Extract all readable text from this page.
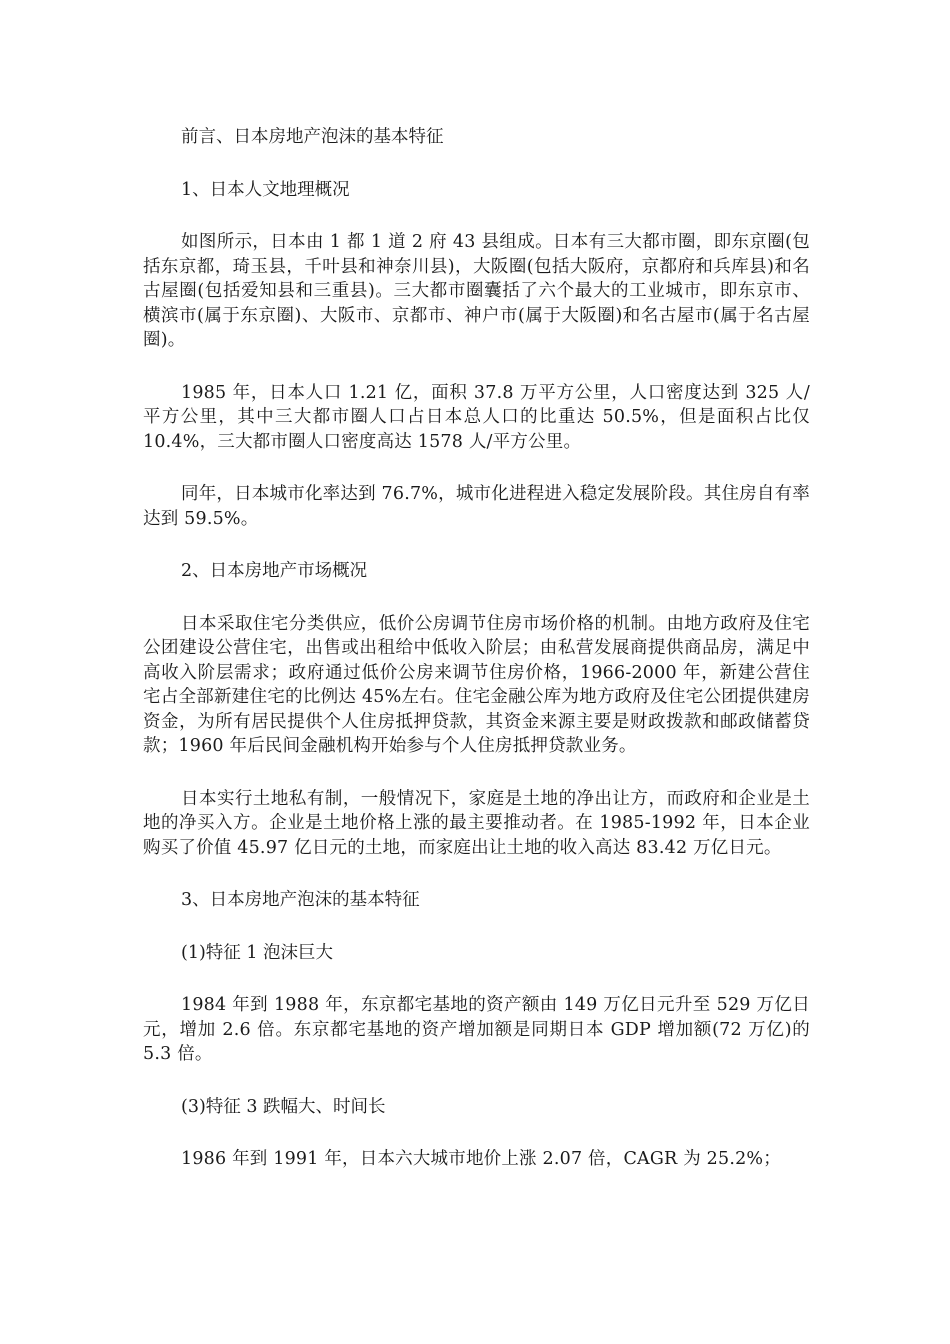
前言、日本房地产泡沫的基本特征

1、日本人文地理概况

如图所示，日本由 1 都 1 道 2 府 43 县组成。日本有三大都市圈，即东京圈(包括东京都，琦玉县，千叶县和神奈川县)，大阪圈(包括大阪府，京都府和兵库县)和名古屋圈(包括爱知县和三重县)。三大都市圈囊括了六个最大的工业城市，即东京市、横滨市(属于东京圈)、大阪市、京都市、神户市(属于大阪圈)和名古屋市(属于名古屋圈)。

1985 年，日本人口 1.21 亿，面积 37.8 万平方公里，人口密度达到 325 人/平方公里，其中三大都市圈人口占日本总人口的比重达 50.5%，但是面积占比仅 10.4%，三大都市圈人口密度高达 1578 人/平方公里。

同年，日本城市化率达到 76.7%，城市化进程进入稳定发展阶段。其住房自有率达到 59.5%。

2、日本房地产市场概况

日本采取住宅分类供应，低价公房调节住房市场价格的机制。由地方政府及住宅公团建设公营住宅，出售或出租给中低收入阶层；由私营发展商提供商品房，满足中高收入阶层需求；政府通过低价公房来调节住房价格，1966-2000 年，新建公营住宅占全部新建住宅的比例达 45%左右。住宅金融公库为地方政府及住宅公团提供建房资金，为所有居民提供个人住房抵押贷款，其资金来源主要是财政拨款和邮政储蓄贷款；1960 年后民间金融机构开始参与个人住房抵押贷款业务。

日本实行土地私有制，一般情况下，家庭是土地的净出让方，而政府和企业是土地的净买入方。企业是土地价格上涨的最主要推动者。在 1985-1992 年，日本企业购买了价值 45.97 亿日元的土地，而家庭出让土地的收入高达 83.42 万亿日元。

3、日本房地产泡沫的基本特征

(1)特征 1 泡沫巨大

1984 年到 1988 年，东京都宅基地的资产额由 149 万亿日元升至 529 万亿日元，增加 2.6 倍。东京都宅基地的资产增加额是同期日本 GDP 增加额(72 万亿)的 5.3 倍。

(3)特征 3 跌幅大、时间长

1986 年到 1991 年，日本六大城市地价上涨 2.07 倍，CAGR 为 25.2%；
